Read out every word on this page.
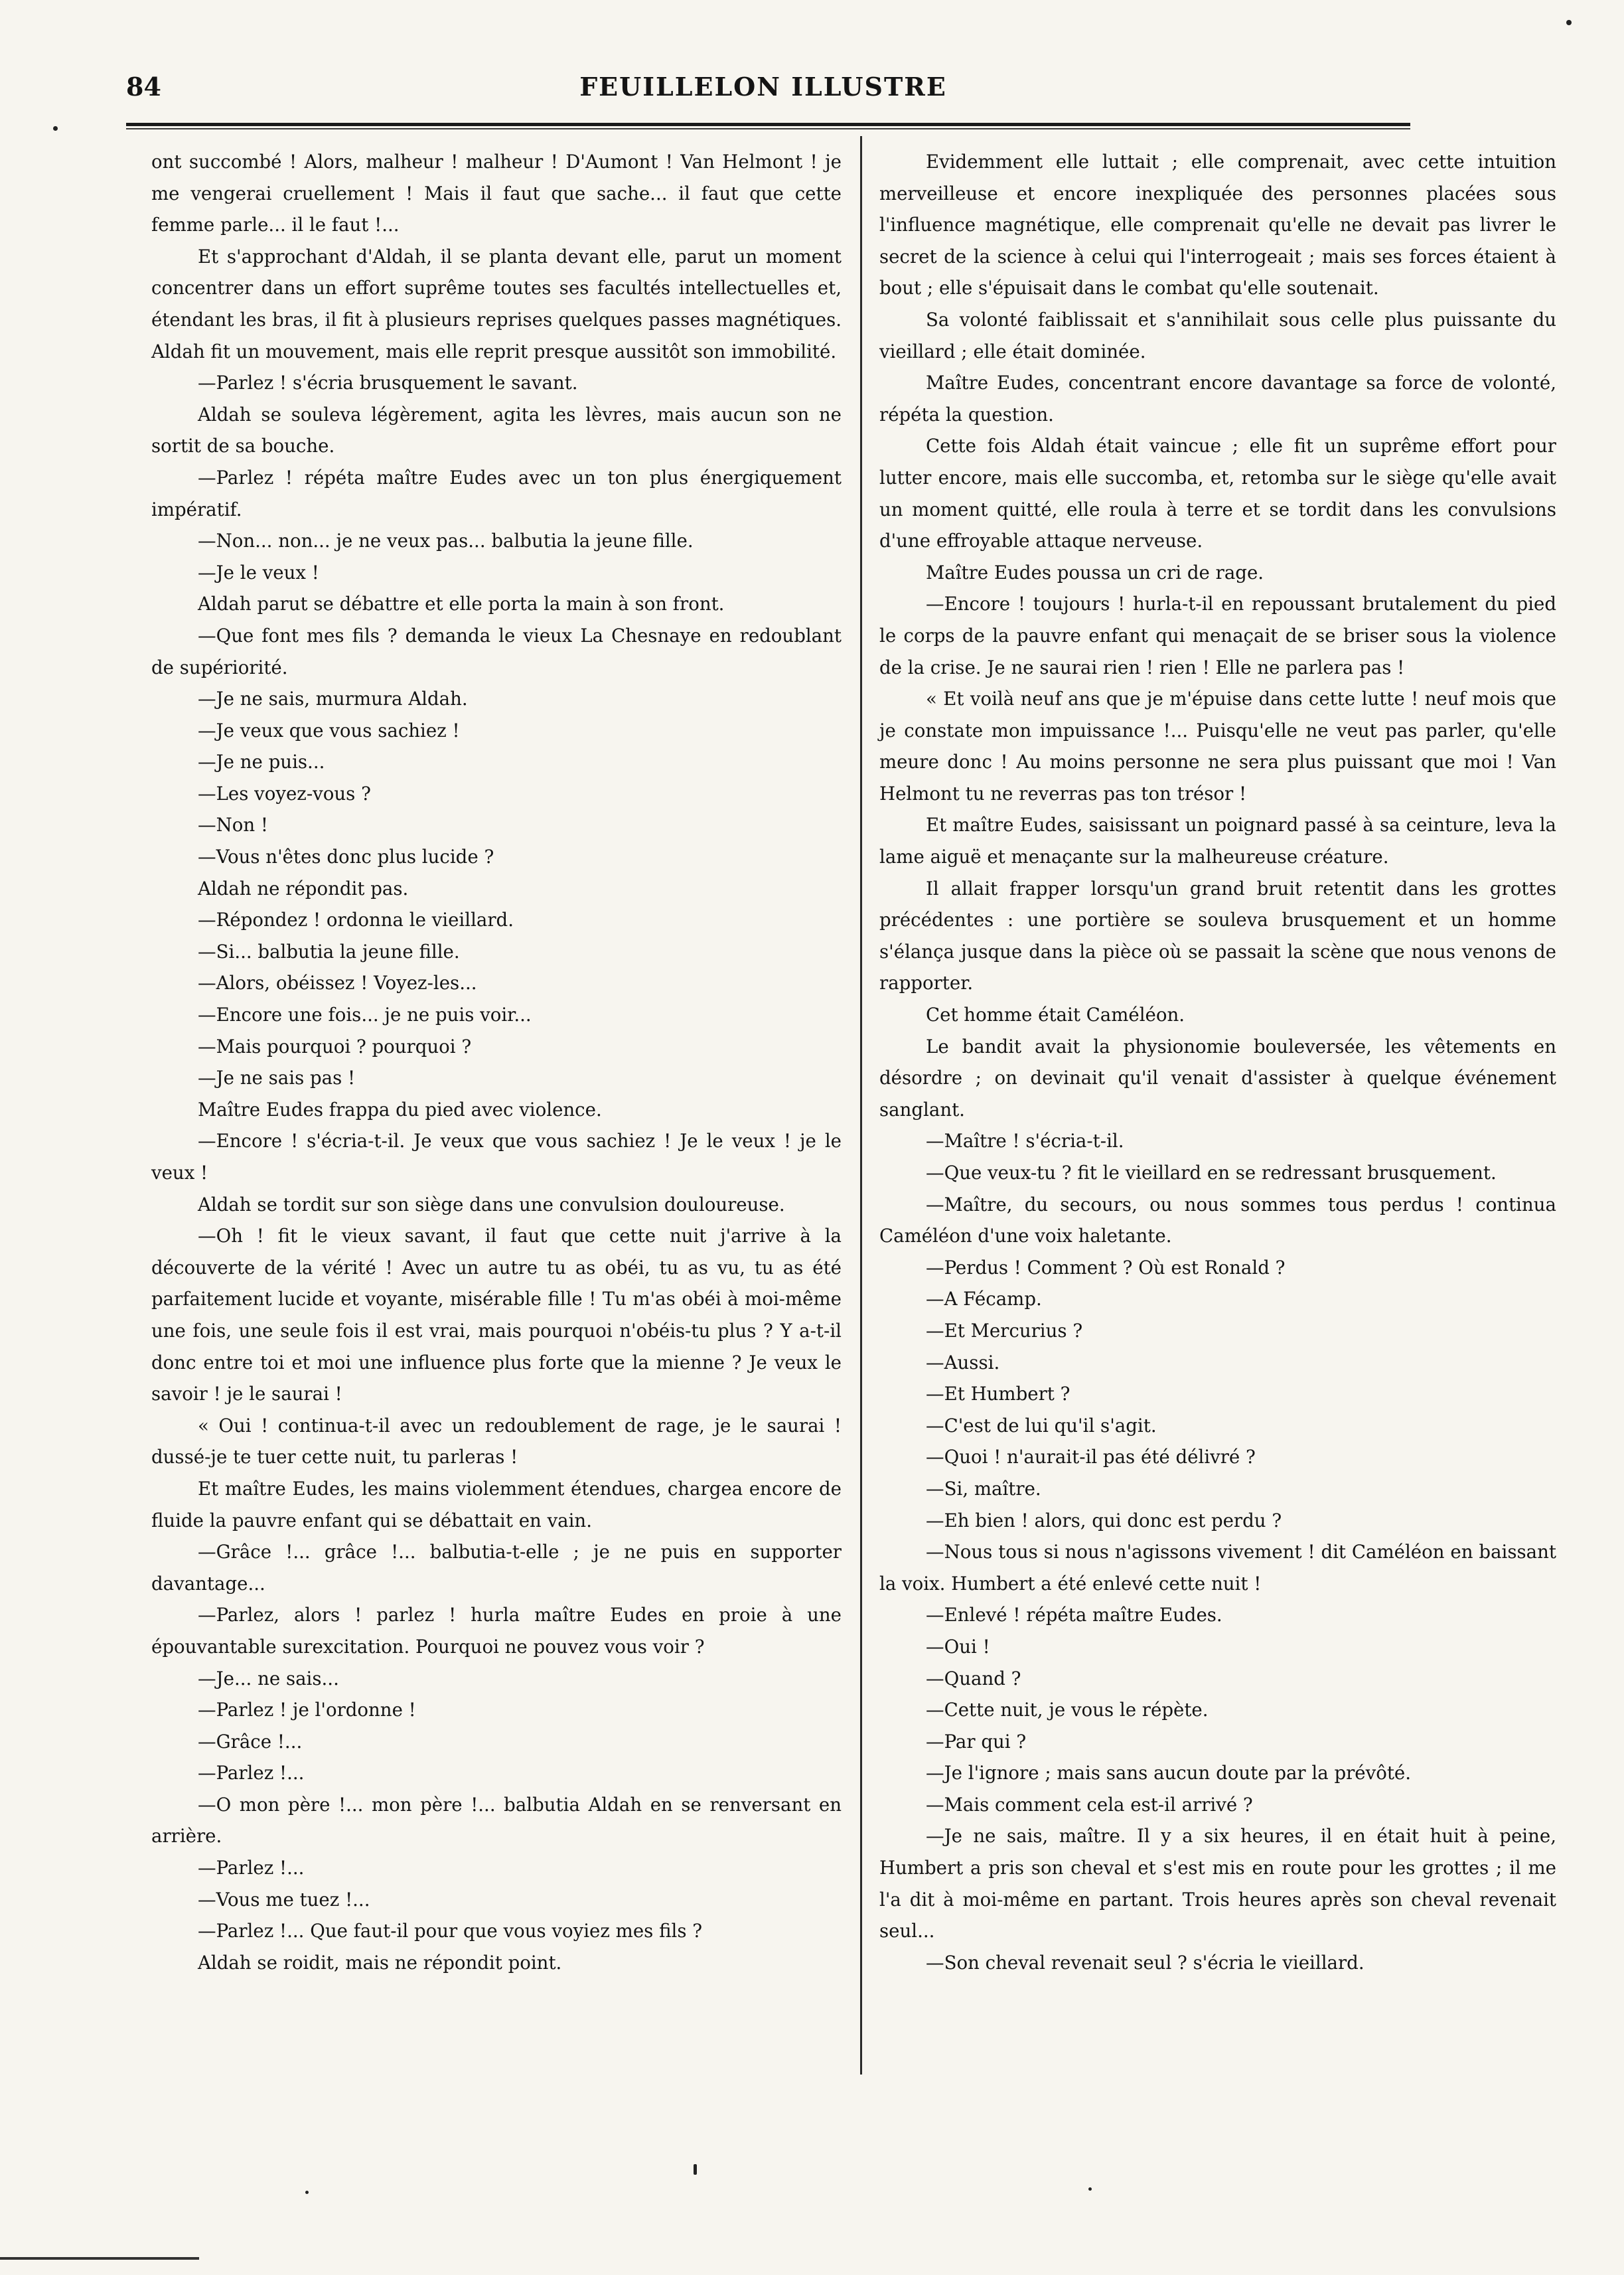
84	FEUILLELON ILLUSTRE

ont succombé ! Alors, malheur ! malheur ! D'Aumont ! Van Helmont ! je me vengerai cruellement ! Mais il faut que sache... il faut que cette femme parle... il le faut !...

Et s'approchant d'Aldah, il se planta devant elle, parut un moment concentrer dans un effort suprême toutes ses facultés intellectuelles et, étendant les bras, il fit à plusieurs reprises quelques passes magnétiques. Aldah fit un mouvement, mais elle reprit presque aussitôt son immobilité.

—Parlez ! s'écria brusquement le savant.

Aldah se souleva légèrement, agita les lèvres, mais aucun son ne sortit de sa bouche.

—Parlez ! répéta maître Eudes avec un ton plus énergiquement impératif.

—Non... non... je ne veux pas... balbutia la jeune fille.

—Je le veux !

Aldah parut se débattre et elle porta la main à son front.

—Que font mes fils ? demanda le vieux La Chesnaye en redoublant de supériorité.

—Je ne sais, murmura Aldah.

—Je veux que vous sachiez !

—Je ne puis...

—Les voyez-vous ?

—Non !

—Vous n'êtes donc plus lucide ?

Aldah ne répondit pas.

—Répondez ! ordonna le vieillard.

—Si... balbutia la jeune fille.

—Alors, obéissez ! Voyez-les...

—Encore une fois... je ne puis voir...

—Mais pourquoi ? pourquoi ?

—Je ne sais pas !

Maître Eudes frappa du pied avec violence.

—Encore ! s'écria-t-il. Je veux que vous sachiez ! Je le veux ! je le veux !

Aldah se tordit sur son siège dans une convulsion douloureuse.

—Oh ! fit le vieux savant, il faut que cette nuit j'arrive à la découverte de la vérité ! Avec un autre tu as obéi, tu as vu, tu as été parfaitement lucide et voyante, misérable fille ! Tu m'as obéi à moi-même une fois, une seule fois il est vrai, mais pourquoi n'obéis-tu plus ? Y a-t-il donc entre toi et moi une influence plus forte que la mienne ? Je veux le savoir ! je le saurai !

« Oui ! continua-t-il avec un redoublement de rage, je le saurai ! dussé-je te tuer cette nuit, tu parleras !

Et maître Eudes, les mains violemment étendues, chargea encore de fluide la pauvre enfant qui se débattait en vain.

—Grâce !... grâce !... balbutia-t-elle ; je ne puis en supporter davantage...

—Parlez, alors ! parlez ! hurla maître Eudes en proie à une épouvantable surexcitation. Pourquoi ne pouvez vous voir ?

—Je... ne sais...

—Parlez ! je l'ordonne !

—Grâce !...

—Parlez !...

—O mon père !... mon père !... balbutia Aldah en se renversant en arrière.

—Parlez !...

—Vous me tuez !...

—Parlez !... Que faut-il pour que vous voyiez mes fils ?

Aldah se roidit, mais ne répondit point.

Evidemment elle luttait ; elle comprenait, avec cette intuition merveilleuse et encore inexpliquée des personnes placées sous l'influence magnétique, elle comprenait qu'elle ne devait pas livrer le secret de la science à celui qui l'interrogeait ; mais ses forces étaient à bout ; elle s'épuisait dans le combat qu'elle soutenait.

Sa volonté faiblissait et s'annihilait sous celle plus puissante du vieillard ; elle était dominée.

Maître Eudes, concentrant encore davantage sa force de volonté, répéta la question.

Cette fois Aldah était vaincue ; elle fit un suprême effort pour lutter encore, mais elle succomba, et, retomba sur le siège qu'elle avait un moment quitté, elle roula à terre et se tordit dans les convulsions d'une effroyable attaque nerveuse.

Maître Eudes poussa un cri de rage.

—Encore ! toujours ! hurla-t-il en repoussant brutalement du pied le corps de la pauvre enfant qui menaçait de se briser sous la violence de la crise. Je ne saurai rien ! rien ! Elle ne parlera pas !

« Et voilà neuf ans que je m'épuise dans cette lutte ! neuf mois que je constate mon impuissance !... Puisqu'elle ne veut pas parler, qu'elle meure donc ! Au moins personne ne sera plus puissant que moi ! Van Helmont tu ne reverras pas ton trésor !

Et maître Eudes, saisissant un poignard passé à sa ceinture, leva la lame aiguë et menaçante sur la malheureuse créature.

Il allait frapper lorsqu'un grand bruit retentit dans les grottes précédentes : une portière se souleva brusquement et un homme s'élança jusque dans la pièce où se passait la scène que nous venons de rapporter.

Cet homme était Caméléon.

Le bandit avait la physionomie bouleversée, les vêtements en désordre ; on devinait qu'il venait d'assister à quelque événement sanglant.

—Maître ! s'écria-t-il.

—Que veux-tu ? fit le vieillard en se redressant brusquement.

—Maître, du secours, ou nous sommes tous perdus ! continua Caméléon d'une voix haletante.

—Perdus ! Comment ? Où est Ronald ?

—A Fécamp.

—Et Mercurius ?

—Aussi.

—Et Humbert ?

—C'est de lui qu'il s'agit.

—Quoi ! n'aurait-il pas été délivré ?

—Si, maître.

—Eh bien ! alors, qui donc est perdu ?

—Nous tous si nous n'agissons vivement ! dit Caméléon en baissant la voix. Humbert a été enlevé cette nuit !

—Enlevé ! répéta maître Eudes.

—Oui !

—Quand ?

—Cette nuit, je vous le répète.

—Par qui ?

—Je l'ignore ; mais sans aucun doute par la prévôté.

—Mais comment cela est-il arrivé ?

—Je ne sais, maître. Il y a six heures, il en était huit à peine, Humbert a pris son cheval et s'est mis en route pour les grottes ; il me l'a dit à moi-même en partant. Trois heures après son cheval revenait seul...

—Son cheval revenait seul ? s'écria le vieillard.
